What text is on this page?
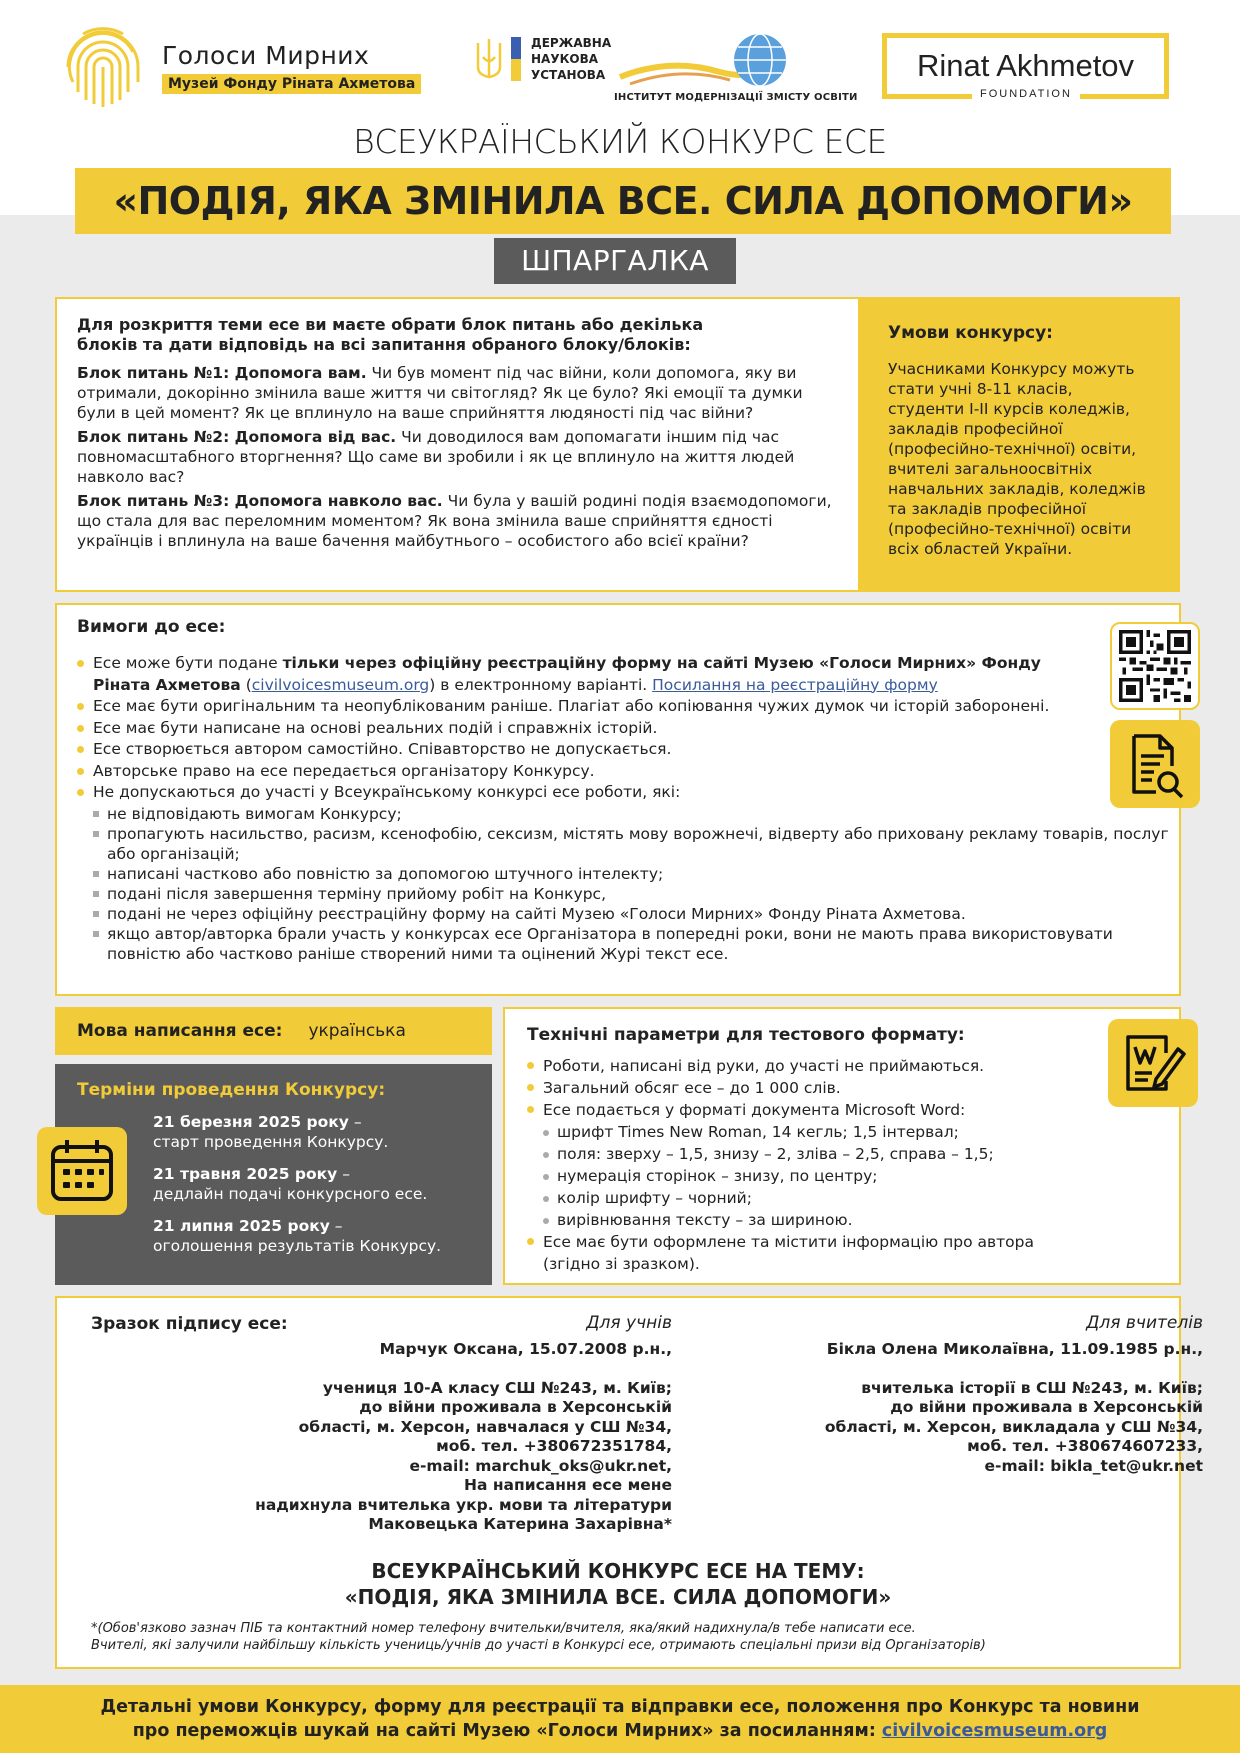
Голоси Мирних
Музей Фонду Ріната Ахметова
ДЕРЖАВНА
НАУКОВА
УСТАНОВА
ІНСТИТУТ МОДЕРНІЗАЦІЇ ЗМІСТУ ОСВІТИ
Rinat Akhmetov
FOUNDATION
ВСЕУКРАЇНСЬКИЙ КОНКУРС ЕСЕ
«ПОДІЯ, ЯКА ЗМІНИЛА ВСЕ. СИЛА ДОПОМОГИ»
ШПАРГАЛКА
Для розкриття теми есе ви маєте обрати блок питань або декілька блоків та дати відповідь на всі запитання обраного блоку/блоків:

Блок питань №1: Допомога вам. Чи був момент під час війни, коли допомога, яку ви отримали, докорінно змінила ваше життя чи світогляд? Як це було? Які емоції та думки були в цей момент? Як це вплинуло на ваше сприйняття людяності під час війни?

Блок питань №2: Допомога від вас. Чи доводилося вам допомагати іншим під час повномасштабного вторгнення? Що саме ви зробили і як це вплинуло на життя людей навколо вас?

Блок питань №3: Допомога навколо вас. Чи була у вашій родині подія взаємодопомоги, що стала для вас переломним моментом? Як вона змінила ваше сприйняття єдності українців і вплинула на ваше бачення майбутнього – особистого або всієї країни?

Умови конкурсу:

Учасниками Конкурсу можуть стати учні 8-11 класів, студенти І-ІІ курсів коледжів, закладів професійної (професійно-технічної) освіти, вчителі загальноосвітніх навчальних закладів, коледжів та закладів професійної (професійно-технічної) освіти всіх областей України.

Вимоги до есе:
Есе може бути подане тільки через офіційну реєстраційну форму на сайті Музею «Голоси Мирних» Фонду Ріната Ахметова (civilvoicesmuseum.org) в електронному варіанті. Посилання на реєстраційну форму
Есе має бути оригінальним та неопублікованим раніше. Плагіат або копіювання чужих думок чи історій заборонені.
Есе має бути написане на основі реальних подій і справжніх історій.
Есе створюється автором самостійно. Співавторство не допускається.
Авторське право на есе передається організатору Конкурсу.
Не допускаються до участі у Всеукраїнському конкурсі есе роботи, які:
не відповідають вимогам Конкурсу;
пропагують насильство, расизм, ксенофобію, сексизм, містять мову ворожнечі, відверту або приховану рекламу товарів, послуг або організацій;
написані частково або повністю за допомогою штучного інтелекту;
подані після завершення терміну прийому робіт на Конкурс,
подані не через офіційну реєстраційну форму на сайті Музею «Голоси Мирних» Фонду Ріната Ахметова.
якщо автор/авторка брали участь у конкурсах есе Організатора в попередні роки, вони не мають права використовувати повністю або частково раніше створений ними та оцінений Журі текст есе.
Мова написання есе: українська
Терміни проведення Конкурсу:
21 березня 2025 року –
старт проведення Конкурсу.
21 травня 2025 року –
дедлайн подачі конкурсного есе.
21 липня 2025 року –
оголошення результатів Конкурсу.
Технічні параметри для тестового формату:
Роботи, написані від руки, до участі не приймаються.
Загальний обсяг есе – до 1 000 слів.
Есе подається у форматі документа Microsoft Word:
шрифт Times New Roman, 14 кегль; 1,5 інтервал;
поля: зверху – 1,5, знизу – 2, зліва – 2,5, справа – 1,5;
нумерація сторінок – знизу, по центру;
колір шрифту – чорний;
вирівнювання тексту – за шириною.
Есе має бути оформлене та містити інформацію про автора (згідно зі зразком).
Зразок підпису есе:	Для учнів
Марчук Оксана, 15.07.2008 р.н.,
учениця 10-А класу СШ №243, м. Київ;
до війни проживала в Херсонській
області, м. Херсон, навчалася у СШ №34,
моб. тел. +380672351784,
e-mail: marchuk_oks@ukr.net,
На написання есе мене
надихнула вчителька укр. мови та літератури
Маковецька Катерина Захарівна*
Для вчителів
Бікла Олена Миколаївна, 11.09.1985 р.н.,
вчителька історії в СШ №243, м. Київ;
до війни проживала в Херсонській
області, м. Херсон, викладала у СШ №34,
моб. тел. +380674607233,
e-mail: bikla_tet@ukr.net
ВСЕУКРАЇНСЬКИЙ КОНКУРС ЕСЕ НА ТЕМУ:
«ПОДІЯ, ЯКА ЗМІНИЛА ВСЕ. СИЛА ДОПОМОГИ»
*(Обов'язково зазнач ПІБ та контактний номер телефону вчительки/вчителя, яка/який надихнула/в тебе написати есе.
Вчителі, які залучили найбільшу кількість учениць/учнів до участі в Конкурсі есе, отримають спеціальні призи від Організаторів)
Детальні умови Конкурсу, форму для реєстрації та відправки есе, положення про Конкурс та новини
про переможців шукай на сайті Музею «Голоси Мирних» за посиланням: civilvoicesmuseum.org
